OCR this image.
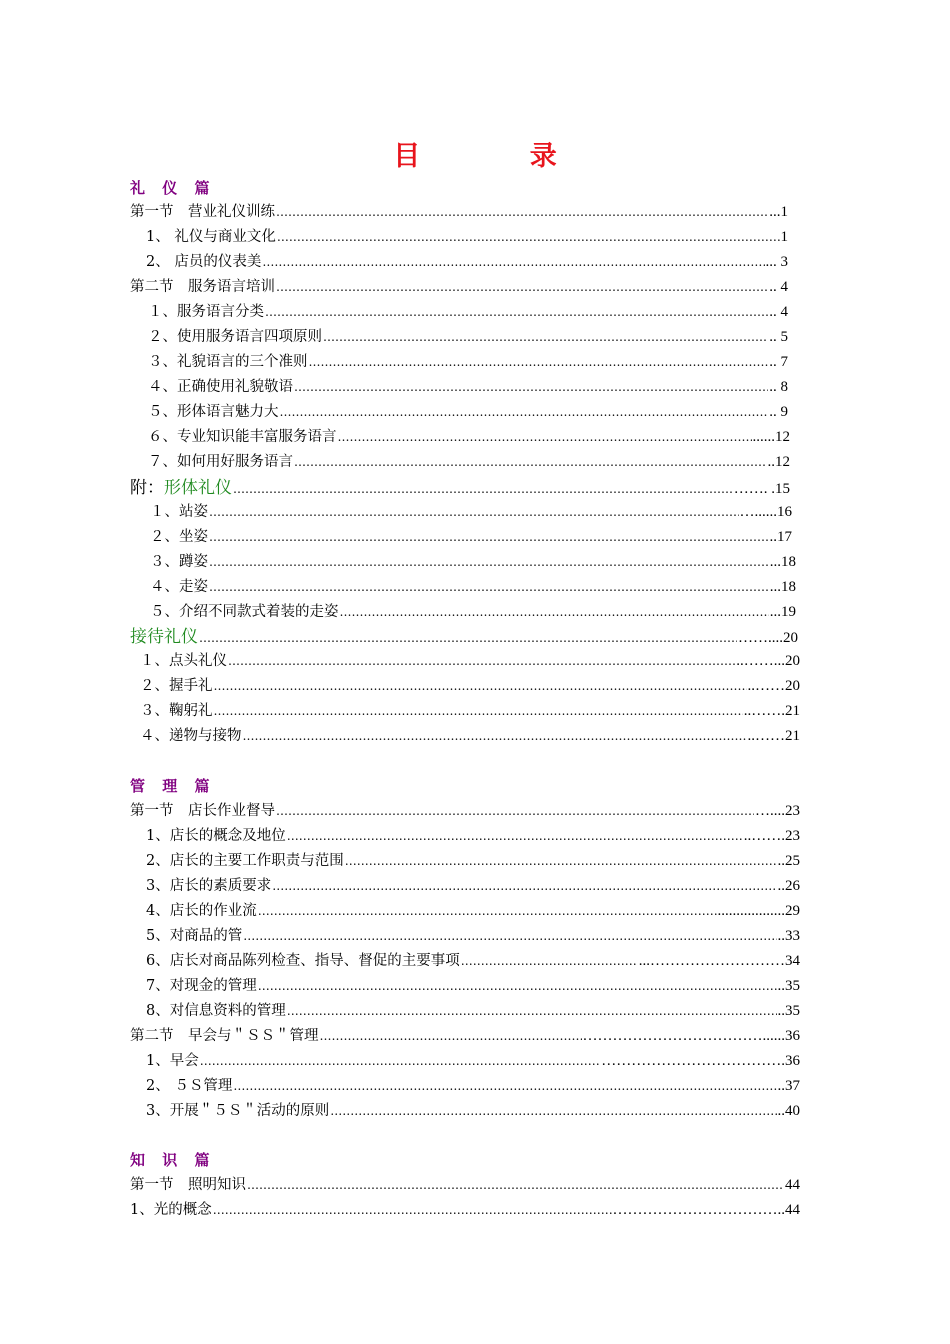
目 录
礼 仪 篇
第一节　营业礼仪训练 ………………………………………………………………………………………………………………………………………………………………………………………………………………………………………………	...1
1、 礼仪与商业文化 ………………………………………………………………………………………………………………………………………………………………………………………………………………………………………………	1
2、 店员的仪表美 ………………………………………………………………………………………………………………………………………………………………………………………………………………………………………………	... 3
第二节　服务语言培训 ………………………………………………………………………………………………………………………………………………………………………………………………………………………………………………	.. 4
１、服务语言分类 ………………………………………………………………………………………………………………………………………………………………………………………………………………………………………………	.. 4
２、使用服务语言四项原则 ………………………………………………………………………………………………………………………………………………………………………………………………………………………………………………	.. 5
３、礼貌语言的三个准则 ………………………………………………………………………………………………………………………………………………………………………………………………………………………………………………	.. 7
４、正确使用礼貌敬语 ………………………………………………………………………………………………………………………………………………………………………………………………………………………………………………	.. 8
５、形体语言魅力大 ………………………………………………………………………………………………………………………………………………………………………………………………………………………………………………	.. 9
６、专业知识能丰富服务语言 ………………………………………………………………………………………………………………………………………………………………………………………………………………………………………………	......12
７、如何用好服务语言 ………………………………………………………………………………………………………………………………………………………………………………………………………………………………………………	..12
附： 形体礼仪 ………………………………………………………………………………………………………………………………………………………………………………………………………………………………………………	……. .15
１、站姿 ………………………………………………………………………………………………………………………………………………………………………………………………………………………………………………	…......16
２、坐姿 ………………………………………………………………………………………………………………………………………………………………………………………………………………………………………………	..17
３、蹲姿 ………………………………………………………………………………………………………………………………………………………………………………………………………………………………………………	...18
４、走姿 ………………………………………………………………………………………………………………………………………………………………………………………………………………………………………………	...18
５、介绍不同款式着装的走姿 ………………………………………………………………………………………………………………………………………………………………………………………………………………………………………………	...19
接待礼仪 ………………………………………………………………………………………………………………………………………………………………………………………………………………………………………………	……....20
１、点头礼仪 ………………………………………………………………………………………………………………………………………………………………………………………………………………………………………………	..……...20
２、握手礼 ………………………………………………………………………………………………………………………………………………………………………………………………………………………………………………	..……20
３、鞠躬礼 ………………………………………………………………………………………………………………………………………………………………………………………………………………………………………………	..…….21
４、递物与接物 ………………………………………………………………………………………………………………………………………………………………………………………………………………………………………………	..……21
管 理 篇
第一节　店长作业督导 ………………………………………………………………………………………………………………………………………………………………………………………………………………………………………………	…....23
1、店长的概念及地位 ………………………………………………………………………………………………………………………………………………………………………………………………………………………………………………	..…….23
2、店长的主要工作职责与范围 ………………………………………………………………………………………………………………………………………………………………………………………………………………………………………………	..25
3、店长的素质要求 ………………………………………………………………………………………………………………………………………………………………………………………………………………………………………………	..26
4、店长的作业流 ………………………………………………………………………………………………………………………………………………………………………………………………………………………………………………	..................29
5、对商品的管 ………………………………………………………………………………………………………………………………………………………………………………………………………………………………………………	..33
6、店长对商品陈列检查、指导、督促的主要事项 ………………………………………………………………………………………………………………………………………………………………………………………………………………………………………………	...………………………34
7、对现金的管理 ………………………………………………………………………………………………………………………………………………………………………………………………………………………………………………	..35
8、对信息资料的管理 ………………………………………………………………………………………………………………………………………………………………………………………………………………………………………………	..35
第二节　早会与＂ＳＳ＂管理 ………………………………………………………………………………………………………………………………………………………………………………………………………………………………………………	………………………………......36
1、早会 ………………………………………………………………………………………………………………………………………………………………………………………………………………………………………………	……………………………….36
2、 ５Ｓ管理 ………………………………………………………………………………………………………………………………………………………………………………………………………………………………………………	..37
3、开展＂５Ｓ＂活动的原则 ………………………………………………………………………………………………………………………………………………………………………………………………………………………………………………	..40
知 识 篇
第一节　照明知识 ………………………………………………………………………………………………………………………………………………………………………………………………………………………………………………	44
1、光的概念 ………………………………………………………………………………………………………………………………………………………………………………………………………………………………………………	……………………………..44
